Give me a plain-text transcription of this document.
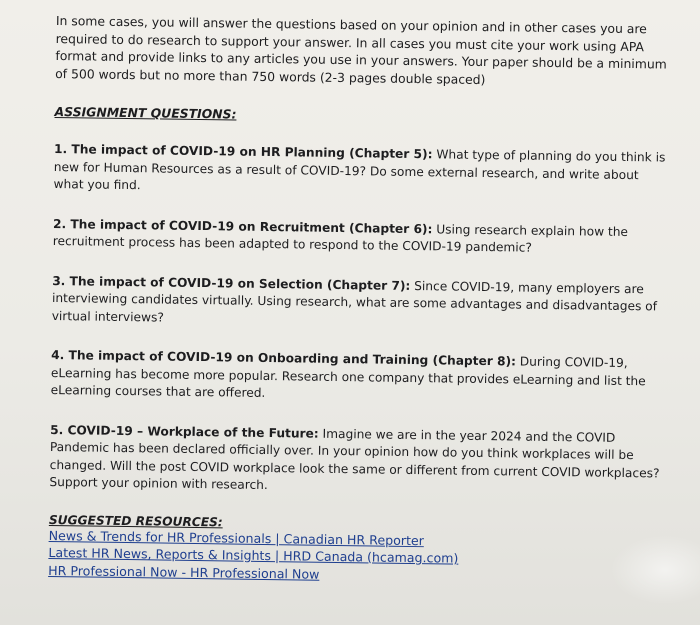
In some cases, you will answer the questions based on your opinion and in other cases you are required to do research to support your answer. In all cases you must cite your work using APA format and provide links to any articles you use in your answers. Your paper should be a minimum of 500 words but no more than 750 words (2-3 pages double spaced)

ASSIGNMENT QUESTIONS:
1. The impact of COVID-19 on HR Planning (Chapter 5): What type of planning do you think is new for Human Resources as a result of COVID-19? Do some external research, and write about what you find.
2. The impact of COVID-19 on Recruitment (Chapter 6): Using research explain how the recruitment process has been adapted to respond to the COVID-19 pandemic?
3. The impact of COVID-19 on Selection (Chapter 7): Since COVID-19, many employers are interviewing candidates virtually. Using research, what are some advantages and disadvantages of virtual interviews?
4. The impact of COVID-19 on Onboarding and Training (Chapter 8): During COVID-19, eLearning has become more popular. Research one company that provides eLearning and list the eLearning courses that are offered.
5. COVID-19 – Workplace of the Future: Imagine we are in the year 2024 and the COVID Pandemic has been declared officially over. In your opinion how do you think workplaces will be changed. Will the post COVID workplace look the same or different from current COVID workplaces? Support your opinion with research.
SUGGESTED RESOURCES:
News & Trends for HR Professionals | Canadian HR Reporter
Latest HR News, Reports & Insights | HRD Canada (hcamag.com)
HR Professional Now - HR Professional Now
